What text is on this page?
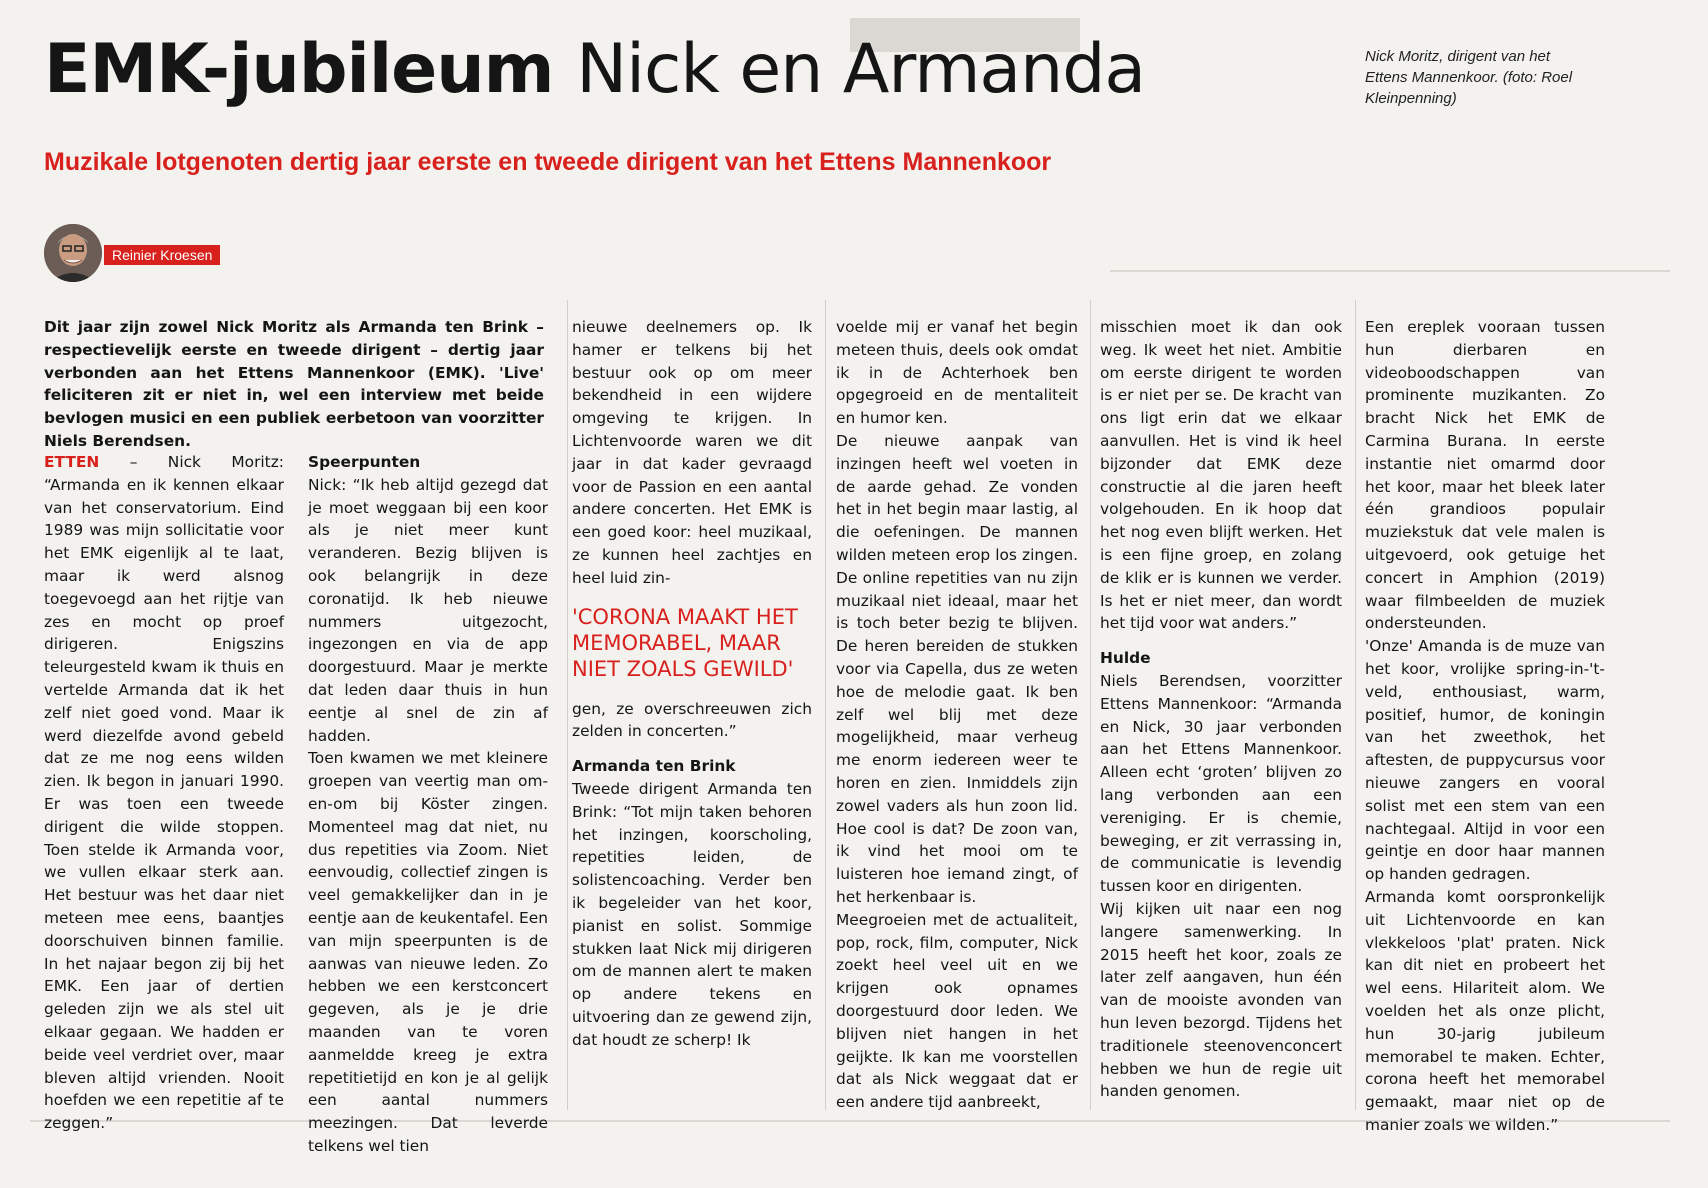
EMK-jubileum Nick en Armanda	Nick Moritz, dirigent van het Ettens Mannenkoor. (foto: Roel Kleinpenning)
Muzikale lotgenoten dertig jaar eerste en tweede dirigent van het Ettens Mannenkoor
Reinier Kroesen

Dit jaar zijn zowel Nick Moritz als Armanda ten Brink – respectievelijk eerste en tweede dirigent – dertig jaar verbonden aan het Ettens Mannenkoor (EMK). 'Live' feliciteren zit er niet in, wel een interview met beide bevlogen musici en een publiek eerbetoon van voorzitter Niels Berendsen.

ETTEN – Nick Moritz: “Armanda en ik kennen elkaar van het conservatorium. Eind 1989 was mijn sollicitatie voor het EMK eigenlijk al te laat, maar ik werd alsnog toegevoegd aan het rijtje van zes en mocht op proef dirigeren. Enigszins teleurgesteld kwam ik thuis en vertelde Armanda dat ik het zelf niet goed vond. Maar ik werd diezelfde avond gebeld dat ze me nog eens wilden zien. Ik begon in januari 1990. Er was toen een tweede dirigent die wilde stoppen. Toen stelde ik Armanda voor, we vullen elkaar sterk aan. Het bestuur was het daar niet meteen mee eens, baantjes doorschuiven binnen familie. In het najaar begon zij bij het EMK. Een jaar of dertien geleden zijn we als stel uit elkaar gegaan. We hadden er beide veel verdriet over, maar bleven altijd vrienden. Nooit hoefden we een repetitie af te zeggen.”

Speerpunten

Nick: “Ik heb altijd gezegd dat je moet weggaan bij een koor als je niet meer kunt veranderen. Bezig blijven is ook belangrijk in deze coronatijd. Ik heb nieuwe nummers uitgezocht, ingezongen en via de app doorgestuurd. Maar je merkte dat leden daar thuis in hun eentje al snel de zin af hadden.

Toen kwamen we met kleinere groepen van veertig man om-en-om bij Köster zingen. Momenteel mag dat niet, nu dus repetities via Zoom. Niet eenvoudig, collectief zingen is veel gemakkelijker dan in je eentje aan de keukentafel. Een van mijn speerpunten is de aanwas van nieuwe leden. Zo hebben we een kerstconcert gegeven, als je je drie maanden van te voren aanmeldde kreeg je extra repetitietijd en kon je al gelijk een aantal nummers meezingen. Dat leverde telkens wel tien

nieuwe deelnemers op. Ik hamer er telkens bij het bestuur ook op om meer bekendheid in een wijdere omgeving te krijgen. In Lichtenvoorde waren we dit jaar in dat kader gevraagd voor de Passion en een aantal andere concerten. Het EMK is een goed koor: heel muzikaal, ze kunnen heel zachtjes en heel luid zin-

'CORONA MAAKT HET MEMORABEL, MAAR NIET ZOALS GEWILD'

gen, ze overschreeuwen zich zelden in concerten.”

Armanda ten Brink

Tweede dirigent Armanda ten Brink: “Tot mijn taken behoren het inzingen, koorscholing, repetities leiden, de solistencoaching. Verder ben ik begeleider van het koor, pianist en solist. Sommige stukken laat Nick mij dirigeren om de mannen alert te maken op andere tekens en uitvoering dan ze gewend zijn, dat houdt ze scherp! Ik

voelde mij er vanaf het begin meteen thuis, deels ook omdat ik in de Achterhoek ben opgegroeid en de mentaliteit en humor ken.

De nieuwe aanpak van inzingen heeft wel voeten in de aarde gehad. Ze vonden het in het begin maar lastig, al die oefeningen. De mannen wilden meteen erop los zingen. De online repetities van nu zijn muzikaal niet ideaal, maar het is toch beter bezig te blijven. De heren bereiden de stukken voor via Capella, dus ze weten hoe de melodie gaat. Ik ben zelf wel blij met deze mogelijkheid, maar verheug me enorm iedereen weer te horen en zien. Inmiddels zijn zowel vaders als hun zoon lid. Hoe cool is dat? De zoon van, ik vind het mooi om te luisteren hoe iemand zingt, of het herkenbaar is.

Meegroeien met de actualiteit, pop, rock, film, computer, Nick zoekt heel veel uit en we krijgen ook opnames doorgestuurd door leden. We blijven niet hangen in het geijkte. Ik kan me voorstellen dat als Nick weggaat dat er een andere tijd aanbreekt,

misschien moet ik dan ook weg. Ik weet het niet. Ambitie om eerste dirigent te worden is er niet per se. De kracht van ons ligt erin dat we elkaar aanvullen. Het is vind ik heel bijzonder dat EMK deze constructie al die jaren heeft volgehouden. En ik hoop dat het nog even blijft werken. Het is een fijne groep, en zolang de klik er is kunnen we verder. Is het er niet meer, dan wordt het tijd voor wat anders.”

Hulde

Niels Berendsen, voorzitter Ettens Mannenkoor: “Armanda en Nick, 30 jaar verbonden aan het Ettens Mannenkoor. Alleen echt ‘groten’ blijven zo lang verbonden aan een vereniging. Er is chemie, beweging, er zit verrassing in, de communicatie is levendig tussen koor en dirigenten.

Wij kijken uit naar een nog langere samenwerking. In 2015 heeft het koor, zoals ze later zelf aangaven, hun één van de mooiste avonden van hun leven bezorgd. Tijdens het traditionele steenovenconcert hebben we hun de regie uit handen genomen.

Een ereplek vooraan tussen hun dierbaren en videoboodschappen van prominente muzikanten. Zo bracht Nick het EMK de Carmina Burana. In eerste instantie niet omarmd door het koor, maar het bleek later één grandioos populair muziekstuk dat vele malen is uitgevoerd, ook getuige het concert in Amphion (2019) waar filmbeelden de muziek ondersteunden.

'Onze' Amanda is de muze van het koor, vrolijke spring-in-'t-veld, enthousiast, warm, positief, humor, de koningin van het zweethok, het aftesten, de puppycursus voor nieuwe zangers en vooral solist met een stem van een nachtegaal. Altijd in voor een geintje en door haar mannen op handen gedragen.

Armanda komt oorspronkelijk uit Lichtenvoorde en kan vlekkeloos 'plat' praten. Nick kan dit niet en probeert het wel eens. Hilariteit alom. We voelden het als onze plicht, hun 30-jarig jubileum memorabel te maken. Echter, corona heeft het memorabel gemaakt, maar niet op de manier zoals we wilden.”
